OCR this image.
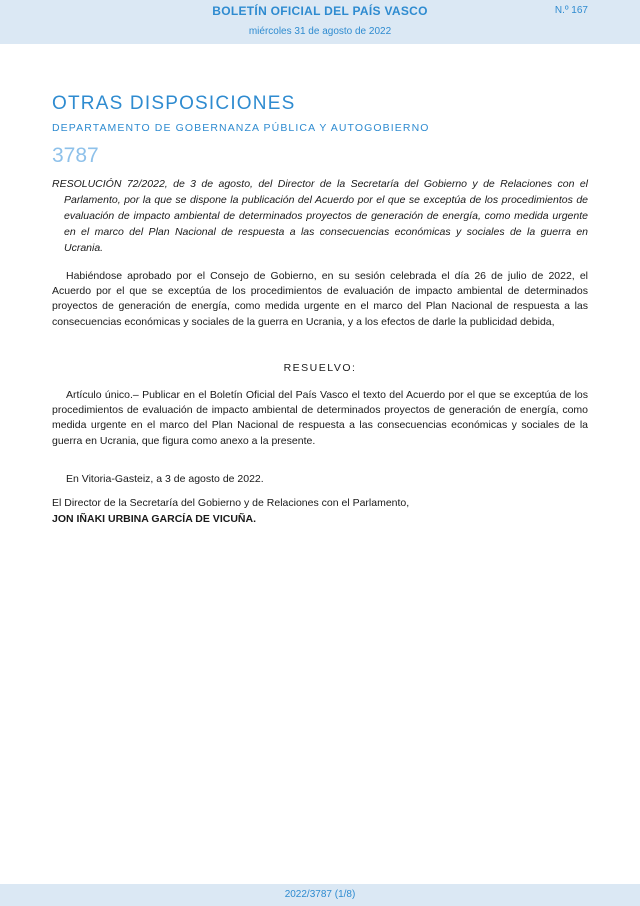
BOLETÍN OFICIAL DEL PAÍS VASCO	N.º 167
miércoles 31 de agosto de 2022
OTRAS DISPOSICIONES
DEPARTAMENTO DE GOBERNANZA PÚBLICA Y AUTOGOBIERNO
3787
RESOLUCIÓN 72/2022, de 3 de agosto, del Director de la Secretaría del Gobierno y de Relaciones con el Parlamento, por la que se dispone la publicación del Acuerdo por el que se exceptúa de los procedimientos de evaluación de impacto ambiental de determinados proyectos de generación de energía, como medida urgente en el marco del Plan Nacional de respuesta a las consecuencias económicas y sociales de la guerra en Ucrania.
Habiéndose aprobado por el Consejo de Gobierno, en su sesión celebrada el día 26 de julio de 2022, el Acuerdo por el que se exceptúa de los procedimientos de evaluación de impacto ambiental de determinados proyectos de generación de energía, como medida urgente en el marco del Plan Nacional de respuesta a las consecuencias económicas y sociales de la guerra en Ucrania, y a los efectos de darle la publicidad debida,
RESUELVO:
Artículo único.– Publicar en el Boletín Oficial del País Vasco el texto del Acuerdo por el que se exceptúa de los procedimientos de evaluación de impacto ambiental de determinados proyectos de generación de energía, como medida urgente en el marco del Plan Nacional de respuesta a las consecuencias económicas y sociales de la guerra en Ucrania, que figura como anexo a la presente.
En Vitoria-Gasteiz, a 3 de agosto de 2022.
El Director de la Secretaría del Gobierno y de Relaciones con el Parlamento,
JON IÑAKI URBINA GARCÍA DE VICUÑA.
2022/3787 (1/8)
